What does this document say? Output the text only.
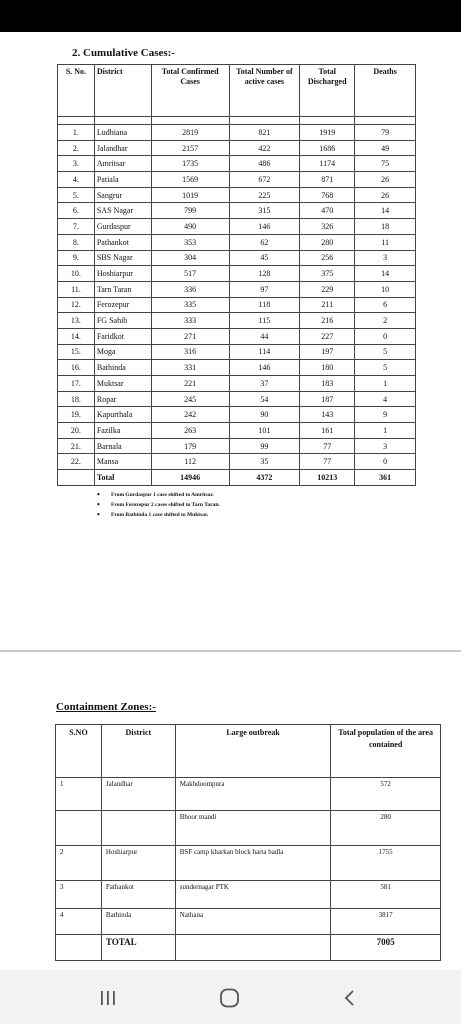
2. Cumulative Cases:-
S. No.	District	Total Confirmed Cases	Total Number of active cases	Total Discharged	Deaths

1.	Ludhiana	2819	821	1919	79
2.	Jalandhar	2157	422	1686	49
3.	Amritsar	1735	486	1174	75
4.	Patiala	1569	672	871	26
5.	Sangrur	1019	225	768	26
6.	SAS Nagar	799	315	470	14
7.	Gurdaspur	490	146	326	18
8.	Pathankot	353	62	280	11
9.	SBS Nagar	304	45	256	3
10.	Hoshiarpur	517	128	375	14
11.	Tarn Taran	336	97	229	10
12.	Ferozepur	335	118	211	6
13.	FG Sahib	333	115	216	2
14.	Faridkot	271	44	227	0
15.	Moga	316	114	197	5
16.	Bathinda	331	146	180	5
17.	Muktsar	221	37	183	1
18.	Ropar	245	54	187	4
19.	Kapurthala	242	90	143	9
20.	Fazilka	263	101	161	1
21.	Barnala	179	99	77	3
22.	Mansa	112	35	77	0
	Total	14946	4372	10213	361
• From Gurdaspur 1 case shifted to Amritsar.
• From Ferozepur 2 cases shifted to Tarn Taran.
• From Bathinda 1 case shifted to Muktsar.
Containment Zones:-
S.NO	District	Large outbreak	Total population of the area contained
1	Jalandhar	Makhdoompura	572
		Bhoor mandi	280
2	Hoshiarpur	BSF camp kharkan block harta badla	1755
3	Pathankot	sundernagar PTK	581
4	Bathinda	Nathana	3817
	TOTAL		7005
